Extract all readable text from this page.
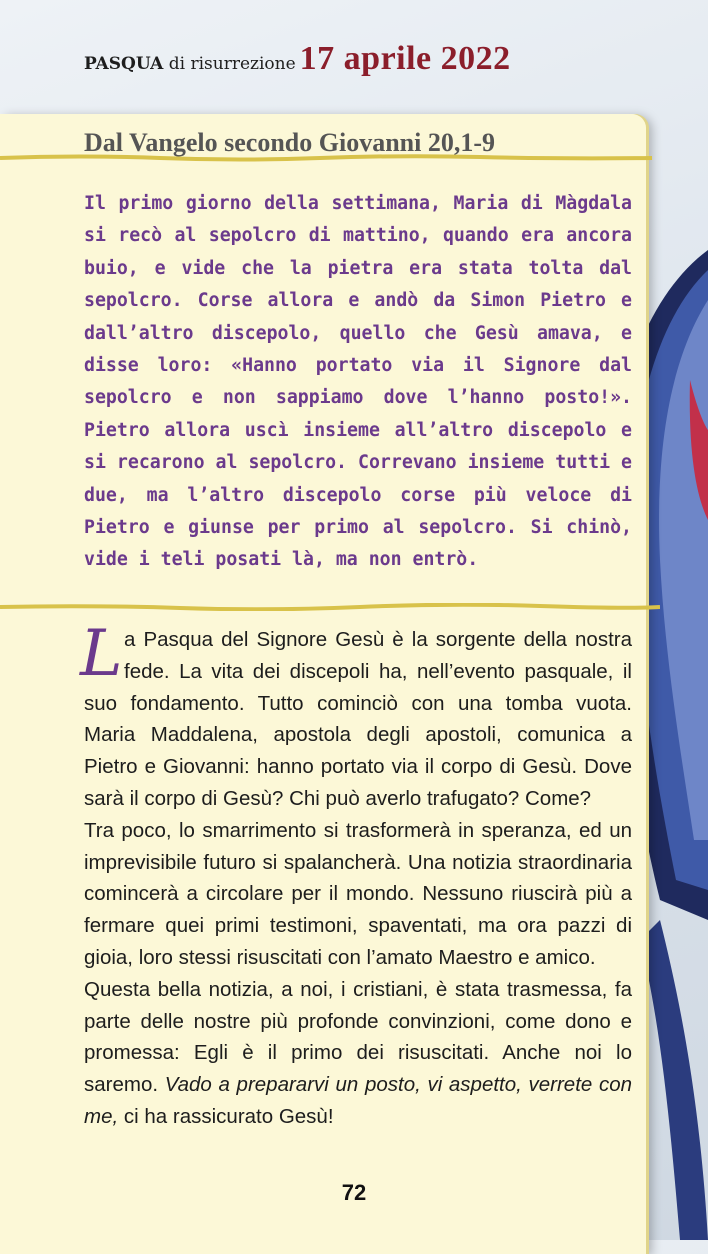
PASQUA di risurrezione 17 aprile 2022
Dal Vangelo secondo Giovanni 20,1-9

Il primo giorno della settimana, Maria di Màgdala si recò al sepolcro di mattino, quando era ancora buio, e vide che la pietra era stata tolta dal sepolcro. Corse allora e andò da Simon Pietro e dall’altro discepolo, quello che Gesù amava, e disse loro: «Hanno portato via il Signore dal sepolcro e non sappiamo dove l’hanno posto!». Pietro allora uscì insieme all’altro discepolo e si recarono al sepolcro. Correvano insieme tutti e due, ma l’altro discepolo corse più veloce di Pietro e giunse per primo al sepolcro. Si chinò, vide i teli posati là, ma non entrò.

La Pasqua del Signore Gesù è la sorgente della nostra fede. La vita dei discepoli ha, nell’evento pasquale, il suo fondamento. Tutto cominciò con una tomba vuota. Maria Maddalena, apostola degli apostoli, comunica a Pietro e Giovanni: hanno portato via il corpo di Gesù. Dove sarà il corpo di Gesù? Chi può averlo trafugato? Come?

Tra poco, lo smarrimento si trasformerà in speranza, ed un imprevisibile futuro si spalancherà. Una notizia straordinaria comincerà a circolare per il mondo. Nessuno riuscirà più a fermare quei primi testimoni, spaventati, ma ora pazzi di gioia, loro stessi risuscitati con l’amato Maestro e amico.

Questa bella notizia, a noi, i cristiani, è stata trasmessa, fa parte delle nostre più profonde convinzioni, come dono e promessa: Egli è il primo dei risuscitati. Anche noi lo saremo. Vado a prepararvi un posto, vi aspetto, verrete con me, ci ha rassicurato Gesù!

72
